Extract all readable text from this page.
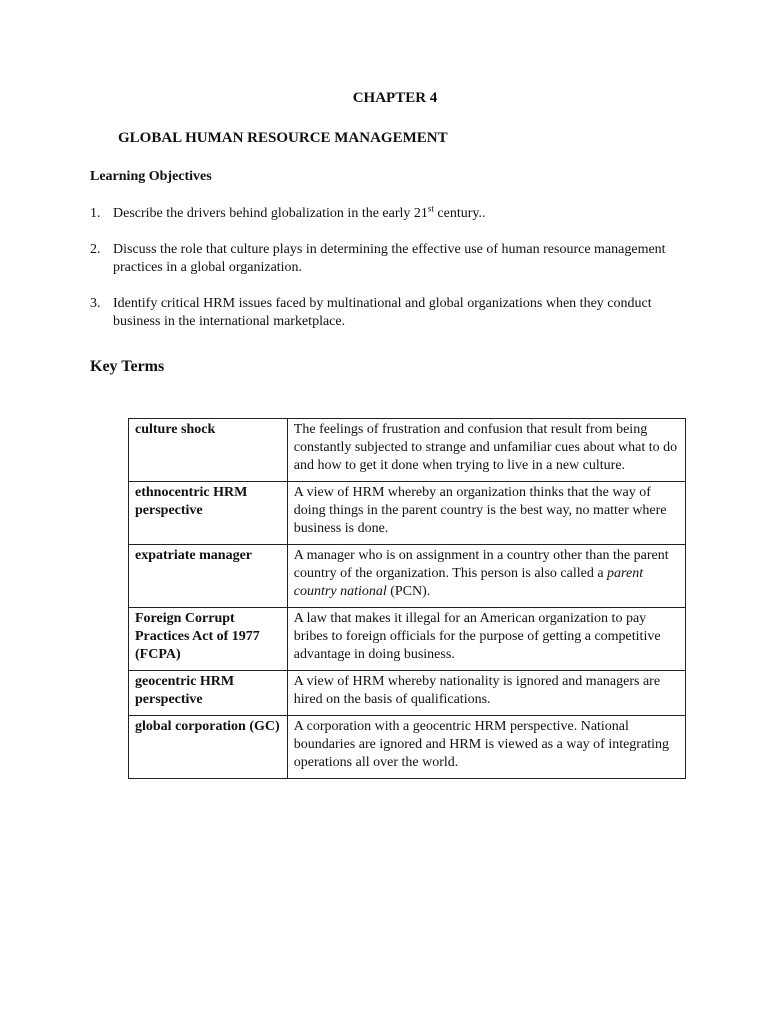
CHAPTER 4
GLOBAL HUMAN RESOURCE MANAGEMENT
Learning Objectives
1. Describe the drivers behind globalization in the early 21st century..
2. Discuss the role that culture plays in determining the effective use of human resource management practices in a global organization.
3. Identify critical HRM issues faced by multinational and global organizations when they conduct business in the international marketplace.
Key Terms
culture shock	The feelings of frustration and confusion that result from being constantly subjected to strange and unfamiliar cues about what to do and how to get it done when trying to live in a new culture.
ethnocentric HRM perspective	A view of HRM whereby an organization thinks that the way of doing things in the parent country is the best way, no matter where business is done.
expatriate manager	A manager who is on assignment in a country other than the parent country of the organization. This person is also called a parent country national (PCN).
Foreign Corrupt Practices Act of 1977 (FCPA)	A law that makes it illegal for an American organization to pay bribes to foreign officials for the purpose of getting a competitive advantage in doing business.
geocentric HRM perspective	A view of HRM whereby nationality is ignored and managers are hired on the basis of qualifications.
global corporation (GC)	A corporation with a geocentric HRM perspective. National boundaries are ignored and HRM is viewed as a way of integrating operations all over the world.
